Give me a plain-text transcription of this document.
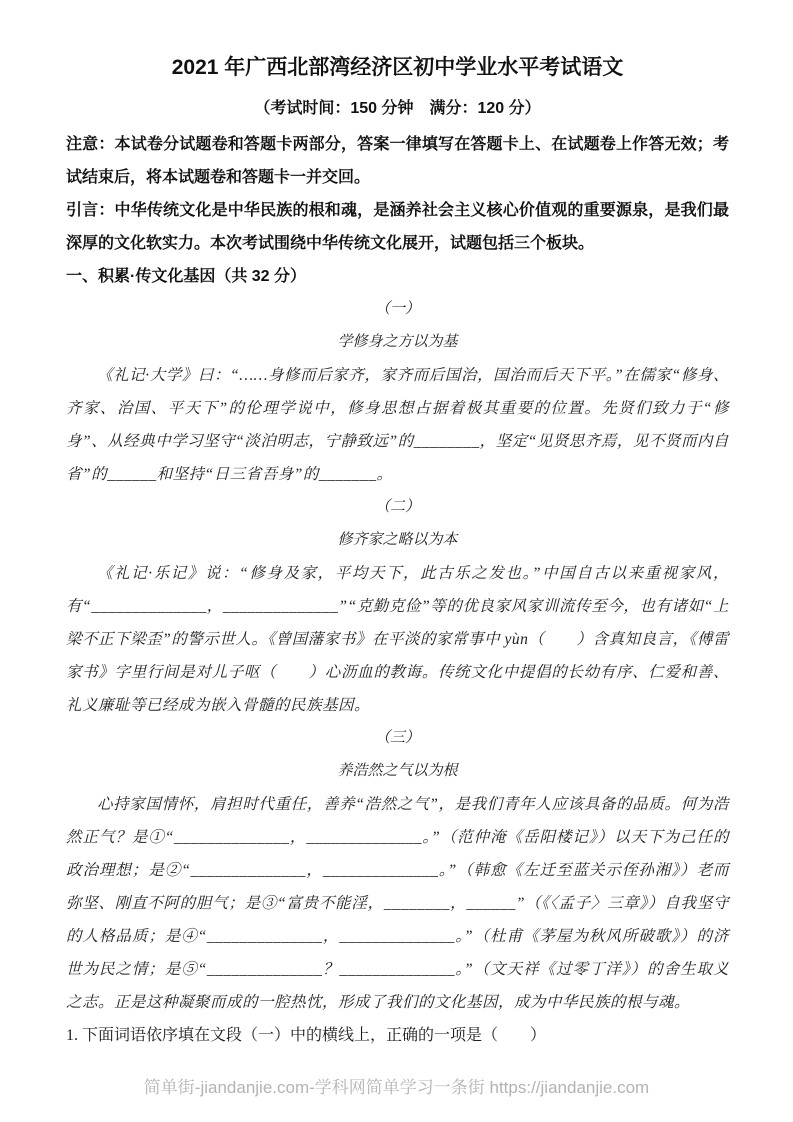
2021 年广西北部湾经济区初中学业水平考试语文

（考试时间：150 分钟　满分：120 分）

注意：本试卷分试题卷和答题卡两部分，答案一律填写在答题卡上、在试题卷上作答无效；考试结束后，将本试题卷和答题卡一并交回。

引言：中华传统文化是中华民族的根和魂，是涵养社会主义核心价值观的重要源泉，是我们最深厚的文化软实力。本次考试围绕中华传统文化展开，试题包括三个板块。

一、积累·传文化基因（共 32 分）

（一）

学修身之方以为基

《礼记·大学》曰：“……身修而后家齐，家齐而后国治，国治而后天下平。”在儒家“修身、齐家、治国、平天下”的伦理学说中，修身思想占据着极其重要的位置。先贤们致力于“修身”、从经典中学习坚守“淡泊明志，宁静致远”的________，坚定“见贤思齐焉，见不贤而内自省”的______和坚持“日三省吾身”的_______。

（二）

修齐家之略以为本

《礼记·乐记》说：“修身及家，平均天下，此古乐之发也。”中国自古以来重视家风，有“______________，______________”“克勤克俭”等的优良家风家训流传至今，也有诸如“上梁不正下梁歪”的警示世人。《曾国藩家书》在平淡的家常事中 yùn（　　）含真知良言，《傅雷家书》字里行间是对儿子呕（　　）心沥血的教诲。传统文化中提倡的长幼有序、仁爱和善、礼义廉耻等已经成为嵌入骨髓的民族基因。

（三）

养浩然之气以为根

心持家国情怀，肩担时代重任，善养“浩然之气”，是我们青年人应该具备的品质。何为浩然正气？是①“______________，______________。”（范仲淹《岳阳楼记》）以天下为己任的政治理想；是②“______________，______________。”（韩愈《左迁至蓝关示侄孙湘》）老而弥坚、刚直不阿的胆气；是③“富贵不能淫，________，______”（《〈孟子〉三章》）自我坚守的人格品质；是④“______________，______________。”（杜甫《茅屋为秋风所破歌》）的济世为民之情；是⑤“______________？______________。”（文天祥《过零丁洋》）的舍生取义之志。正是这种凝聚而成的一腔热忱，形成了我们的文化基因，成为中华民族的根与魂。

1. 下面词语依序填在文段（一）中的横线上，正确的一项是（　　）

简单街-jiandanjie.com-学科网简单学习一条街 https://jiandanjie.com
